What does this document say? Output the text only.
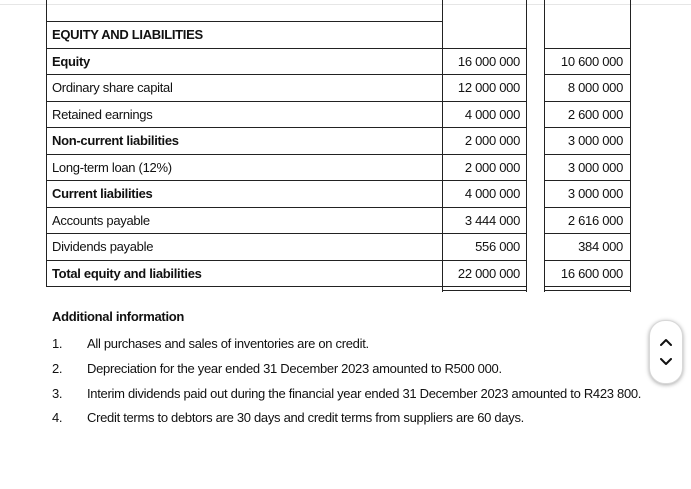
EQUITY AND LIABILITIES
Equity	16 000 000	10 600 000
Ordinary share capital	12 000 000	8 000 000
Retained earnings	4 000 000	2 600 000
Non-current liabilities	2 000 000	3 000 000
Long-term loan (12%)	2 000 000	3 000 000
Current liabilities	4 000 000	3 000 000
Accounts payable	3 444 000	2 616 000
Dividends payable	556 000	384 000
Total equity and liabilities	22 000 000	16 600 000
Additional information
1. All purchases and sales of inventories are on credit.
2. Depreciation for the year ended 31 December 2023 amounted to R500 000.
3. Interim dividends paid out during the financial year ended 31 December 2023 amounted to R423 800.
4. Credit terms to debtors are 30 days and credit terms from suppliers are 60 days.
